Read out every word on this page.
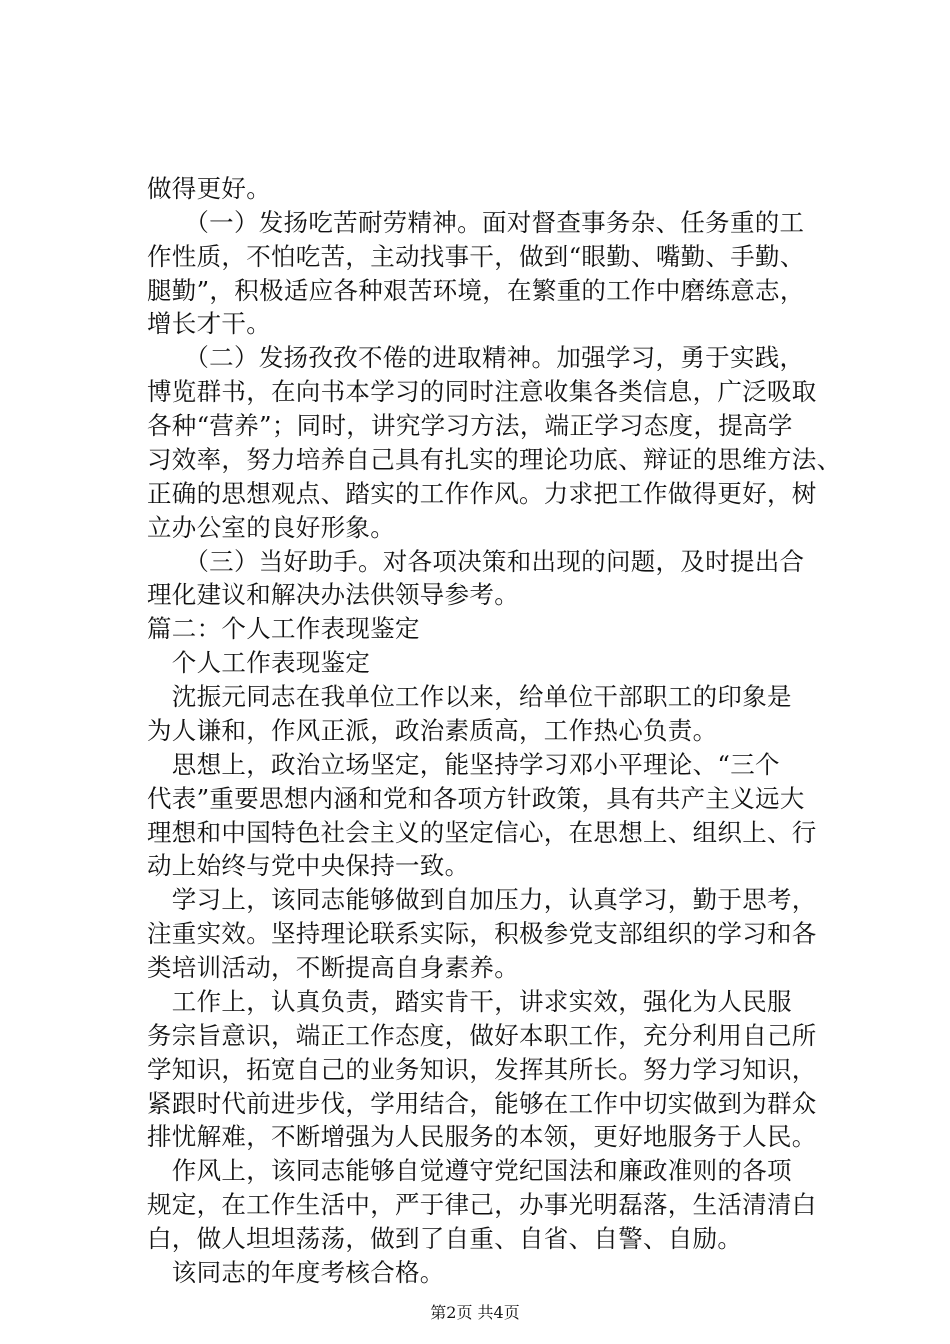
做得更好。
　　（一）发扬吃苦耐劳精神。面对督查事务杂、任务重的工
作性质，不怕吃苦，主动找事干，做到“眼勤、嘴勤、手勤、
腿勤”，积极适应各种艰苦环境，在繁重的工作中磨练意志，
增长才干。
　　（二）发扬孜孜不倦的进取精神。加强学习，勇于实践，
博览群书，在向书本学习的同时注意收集各类信息，广泛吸取
各种“营养”；同时，讲究学习方法，端正学习态度，提高学
习效率，努力培养自己具有扎实的理论功底、辩证的思维方法、
正确的思想观点、踏实的工作作风。力求把工作做得更好，树
立办公室的良好形象。
　　（三）当好助手。对各项决策和出现的问题，及时提出合
理化建议和解决办法供领导参考。
篇二：个人工作表现鉴定
　个人工作表现鉴定
　沈振元同志在我单位工作以来，给单位干部职工的印象是
为人谦和，作风正派，政治素质高，工作热心负责。
　思想上，政治立场坚定，能坚持学习邓小平理论、“三个
代表”重要思想内涵和党和各项方针政策，具有共产主义远大
理想和中国特色社会主义的坚定信心，在思想上、组织上、行
动上始终与党中央保持一致。
　学习上，该同志能够做到自加压力，认真学习，勤于思考，
注重实效。坚持理论联系实际，积极参党支部组织的学习和各
类培训活动，不断提高自身素养。
　工作上，认真负责，踏实肯干，讲求实效，强化为人民服
务宗旨意识，端正工作态度，做好本职工作，充分利用自己所
学知识，拓宽自己的业务知识，发挥其所长。努力学习知识，
紧跟时代前进步伐，学用结合，能够在工作中切实做到为群众
排忧解难，不断增强为人民服务的本领，更好地服务于人民。
　作风上，该同志能够自觉遵守党纪国法和廉政准则的各项
规定，在工作生活中，严于律己，办事光明磊落，生活清清白
白，做人坦坦荡荡，做到了自重、自省、自警、自励。
　该同志的年度考核合格。
第2页 共4页
